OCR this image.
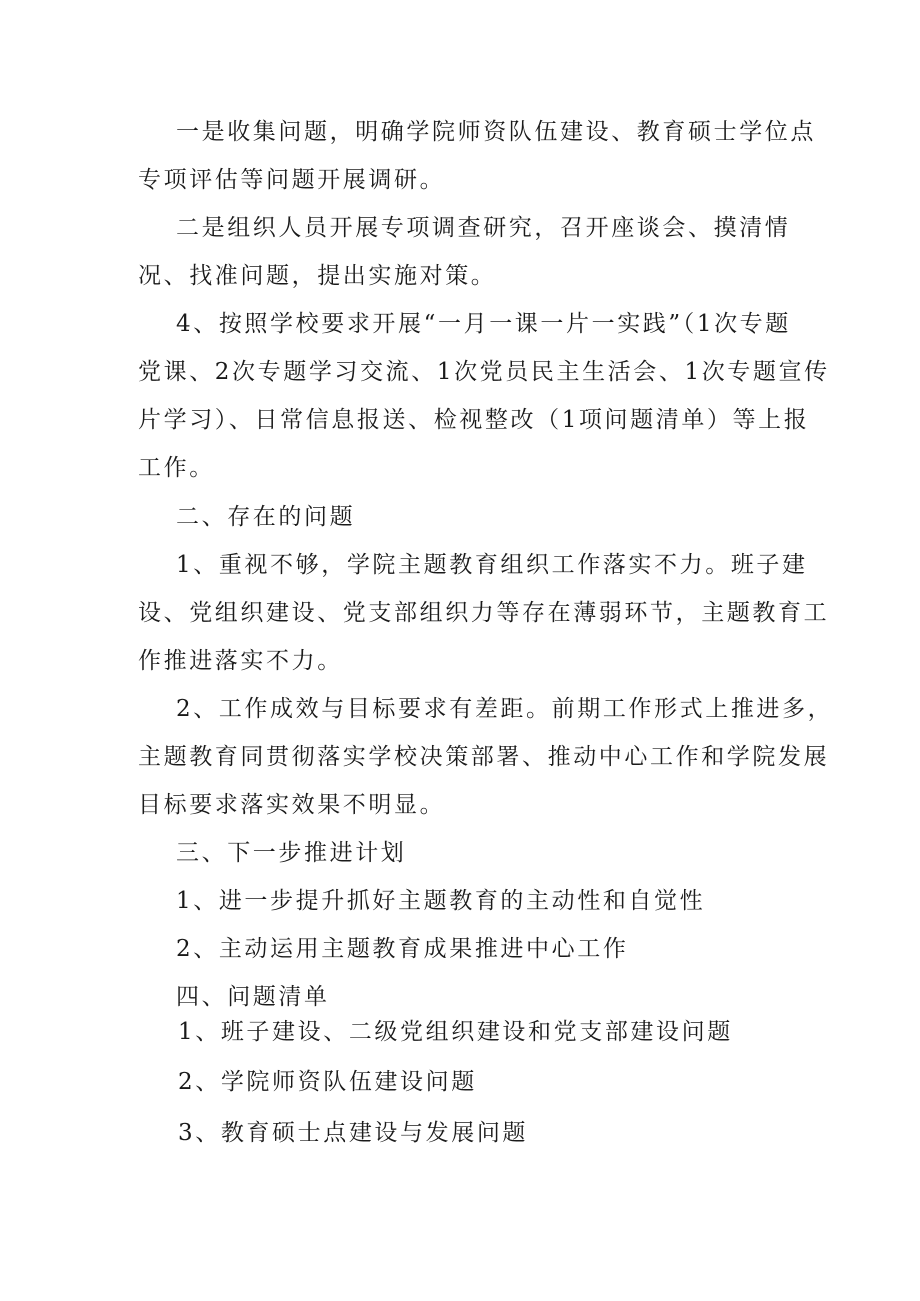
一是收集问题，明确学院师资队伍建设、教育硕士学位点
专项评估等问题开展调研。
二是组织人员开展专项调查研究，召开座谈会、摸清情
况、找准问题，提出实施对策。
4、按照学校要求开展“一月一课一片一实践”（1次专题
党课、2次专题学习交流、1次党员民主生活会、1次专题宣传
片学习）、日常信息报送、检视整改（1项问题清单）等上报
工作。
二、存在的问题
1、重视不够，学院主题教育组织工作落实不力。班子建
设、党组织建设、党支部组织力等存在薄弱环节，主题教育工
作推进落实不力。
2、工作成效与目标要求有差距。前期工作形式上推进多，
主题教育同贯彻落实学校决策部署、推动中心工作和学院发展
目标要求落实效果不明显。
三、下一步推进计划
1、进一步提升抓好主题教育的主动性和自觉性
2、主动运用主题教育成果推进中心工作
四、问题清单
1、班子建设、二级党组织建设和党支部建设问题
2、学院师资队伍建设问题
3、教育硕士点建设与发展问题
